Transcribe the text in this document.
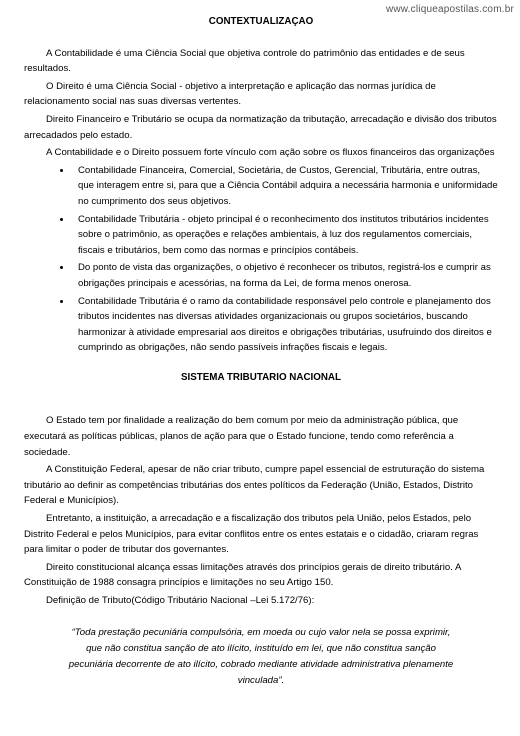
www.cliqueapostilas.com.br
CONTEXTUALIZAÇAO

A Contabilidade é uma Ciência Social que objetiva controle do patrimônio das entidades e de seus resultados.

O Direito é uma Ciência Social - objetivo a interpretação e aplicação das normas jurídica de relacionamento social nas suas diversas vertentes.

Direito Financeiro e Tributário se ocupa da normatização da tributação, arrecadação e divisão dos tributos arrecadados pelo estado.

A Contabilidade e o Direito possuem forte vínculo com ação sobre os fluxos financeiros das organizações

• Contabilidade Financeira, Comercial, Societária, de Custos, Gerencial, Tributária, entre outras, que interagem entre si, para que a Ciência Contábil adquira a necessária harmonia e uniformidade no cumprimento dos seus objetivos.
• Contabilidade Tributária - objeto principal é o reconhecimento dos institutos tributários incidentes sobre o patrimônio, as operações e relações ambientais, à luz dos regulamentos comerciais, fiscais e tributários, bem como das normas e princípios contábeis.
• Do ponto de vista das organizações, o objetivo é reconhecer os tributos, registrá-los e cumprir as obrigações principais e acessórias, na forma da Lei, de forma menos onerosa.
• Contabilidade Tributária é o ramo da contabilidade responsável pelo controle e planejamento dos tributos incidentes nas diversas atividades organizacionais ou grupos societários, buscando harmonizar à atividade empresarial aos direitos e obrigações tributárias, usufruindo dos direitos e cumprindo as obrigações, não sendo passíveis infrações fiscais e legais.
SISTEMA TRIBUTARIO NACIONAL

O Estado tem por finalidade a realização do bem comum por meio da administração pública, que executará as políticas públicas, planos de ação para que o Estado funcione, tendo como referência a sociedade.

A Constituição Federal, apesar de não criar tributo, cumpre papel essencial de estruturação do sistema tributário ao definir as competências tributárias dos entes políticos da Federação (União, Estados, Distrito Federal e Municípios).

Entretanto, a instituição, a arrecadação e a fiscalização dos tributos pela União, pelos Estados, pelo Distrito Federal e pelos Municípios, para evitar conflitos entre os entes estatais e o cidadão, criaram regras para limitar o poder de tributar dos governantes.

Direito constitucional alcança essas limitações através dos princípios gerais de direito tributário. A Constituição de 1988 consagra princípios e limitações no seu Artigo 150.

Definição de Tributo(Código Tributário Nacional –Lei 5.172/76):

“Toda prestação pecuniária compulsória, em moeda ou cujo valor nela se possa exprimir, que não constitua sanção de ato ilícito, instituído em lei, que não constitua sanção pecuniária decorrente de ato ilícito, cobrado mediante atividade administrativa plenamente vinculada”.
